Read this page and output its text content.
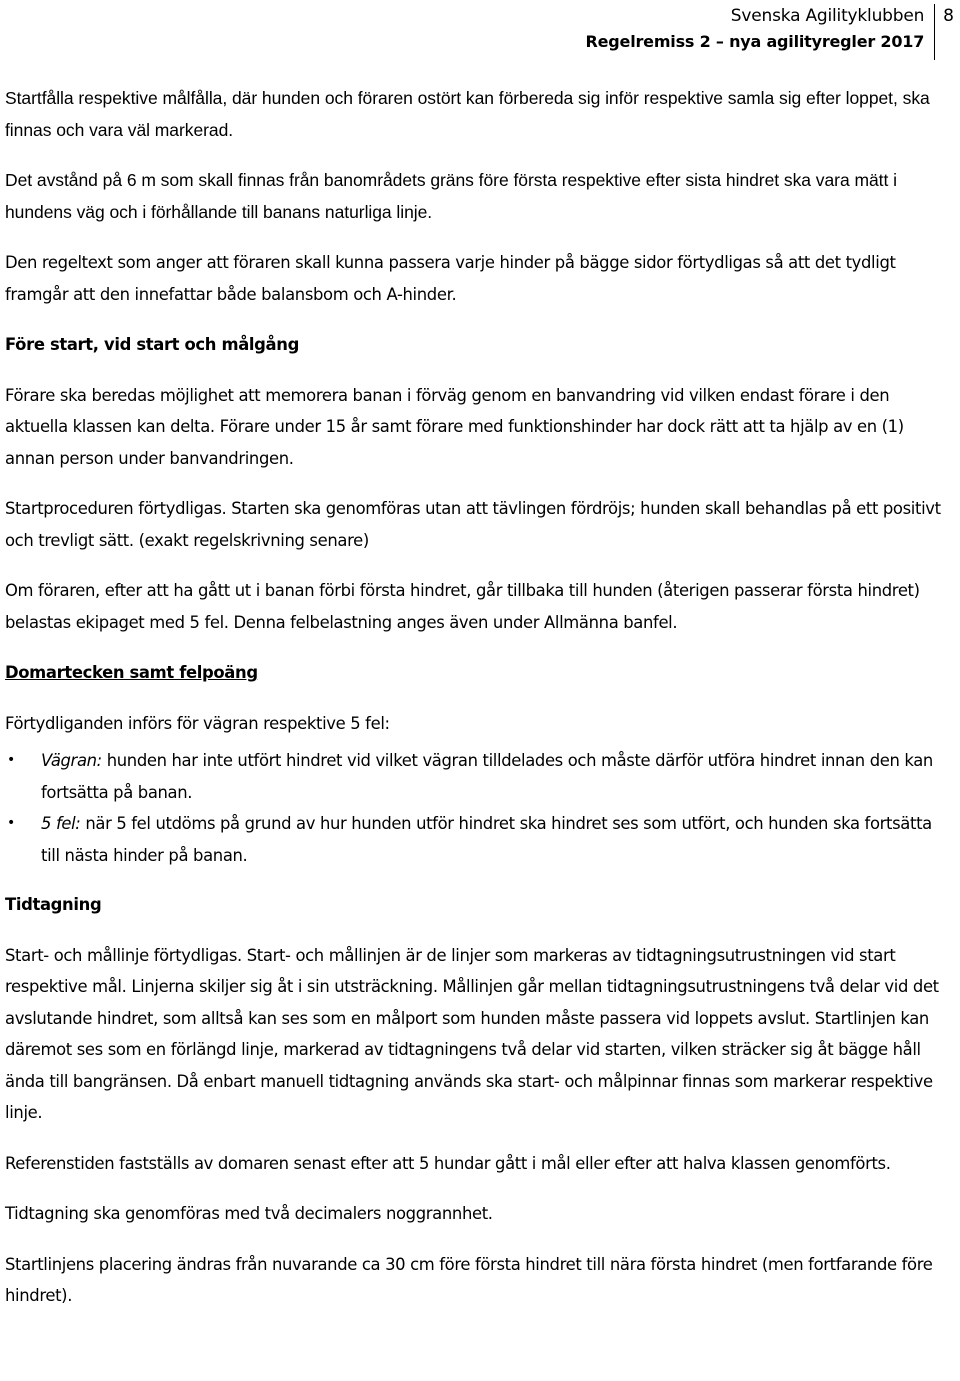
Svenska Agilityklubben
Regelremiss 2 – nya agilityregler 2017
8

Startfålla respektive målfålla, där hunden och föraren ostört kan förbereda sig inför respektive samla sig efter loppet, ska finnas och vara väl markerad.

Det avstånd på 6 m som skall finnas från banområdets gräns före första respektive efter sista hindret ska vara mätt i hundens väg och i förhållande till banans naturliga linje.

Den regeltext som anger att föraren skall kunna passera varje hinder på bägge sidor förtydligas så att det tydligt framgår att den innefattar både balansbom och A-hinder.

Före start, vid start och målgång

Förare ska beredas möjlighet att memorera banan i förväg genom en banvandring vid vilken endast förare i den aktuella klassen kan delta. Förare under 15 år samt förare med funktionshinder har dock rätt att ta hjälp av en (1) annan person under banvandringen.

Startproceduren förtydligas. Starten ska genomföras utan att tävlingen fördröjs; hunden skall behandlas på ett positivt och trevligt sätt. (exakt regelskrivning senare)

Om föraren, efter att ha gått ut i banan förbi första hindret, går tillbaka till hunden (återigen passerar första hindret) belastas ekipaget med 5 fel. Denna felbelastning anges även under Allmänna banfel.

Domartecken samt felpoäng

Förtydliganden införs för vägran respektive 5 fel:

• Vägran: hunden har inte utfört hindret vid vilket vägran tilldelades och måste därför utföra hindret innan den kan fortsätta på banan.
• 5 fel: när 5 fel utdöms på grund av hur hunden utför hindret ska hindret ses som utfört, och hunden ska fortsätta till nästa hinder på banan.

Tidtagning

Start- och mållinje förtydligas. Start- och mållinjen är de linjer som markeras av tidtagningsutrustningen vid start respektive mål. Linjerna skiljer sig åt i sin utsträckning. Mållinjen går mellan tidtagningsutrustningens två delar vid det avslutande hindret, som alltså kan ses som en målport som hunden måste passera vid loppets avslut. Startlinjen kan däremot ses som en förlängd linje, markerad av tidtagningens två delar vid starten, vilken sträcker sig åt bägge håll ända till bangränsen. Då enbart manuell tidtagning används ska start- och målpinnar finnas som markerar respektive linje.

Referenstiden fastställs av domaren senast efter att 5 hundar gått i mål eller efter att halva klassen genomförts.

Tidtagning ska genomföras med två decimalers noggrannhet.

Startlinjens placering ändras från nuvarande ca 30 cm före första hindret till nära första hindret (men fortfarande före hindret).
